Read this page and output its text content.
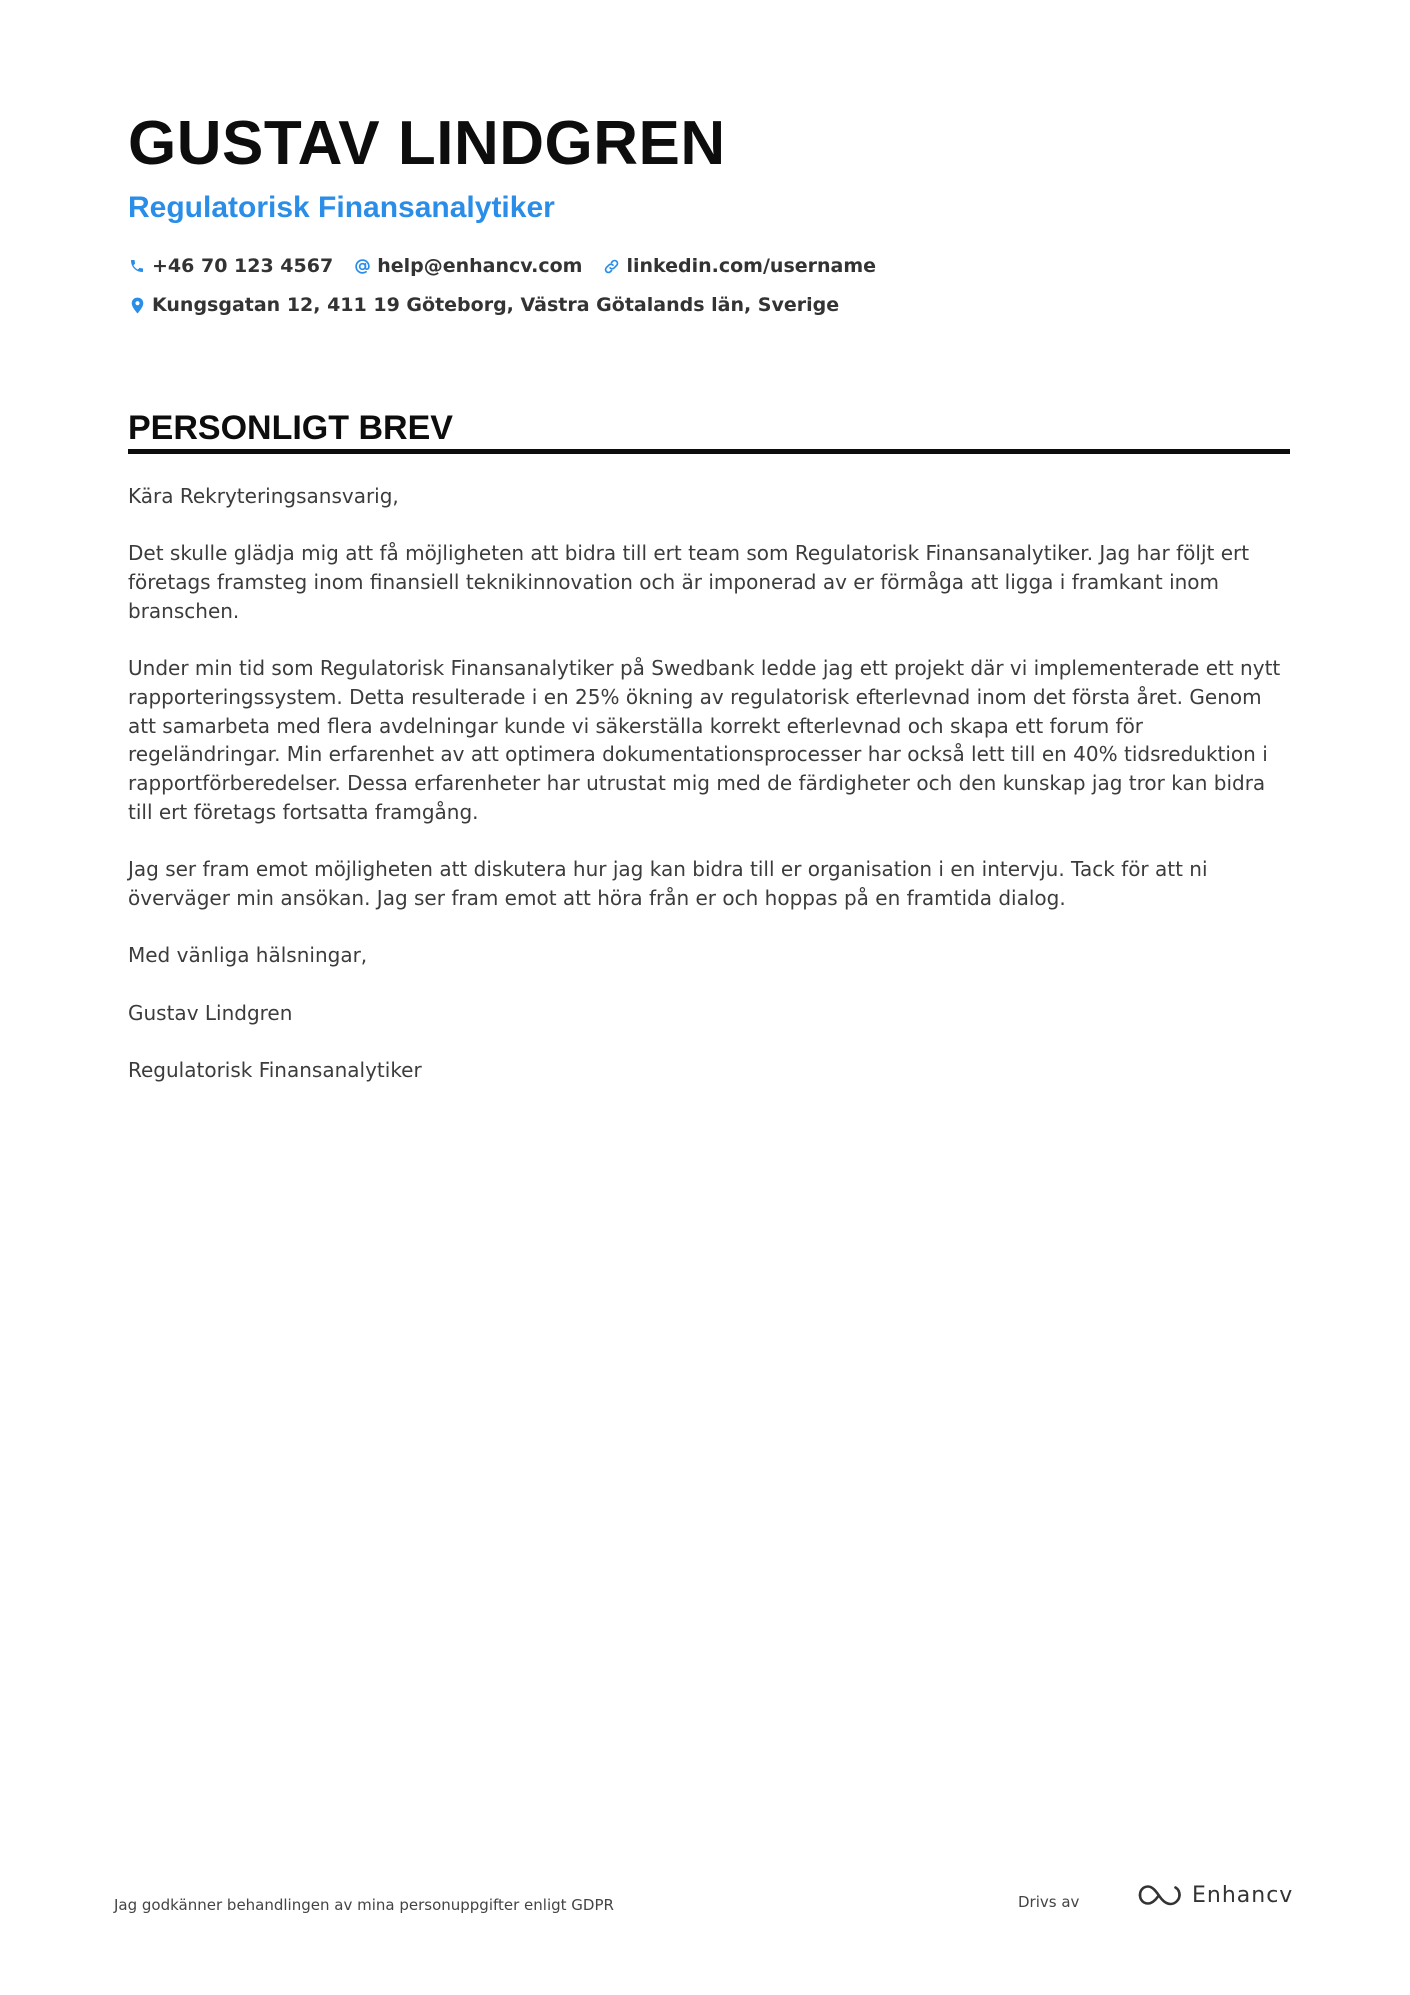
GUSTAV LINDGREN
Regulatorisk Finansanalytiker
+46 70 123 4567 help@enhancv.com linkedin.com/username
Kungsgatan 12, 411 19 Göteborg, Västra Götalands län, Sverige
PERSONLIGT BREV

Kära Rekryteringsansvarig,

Det skulle glädja mig att få möjligheten att bidra till ert team som Regulatorisk Finansanalytiker. Jag har följt ert företags framsteg inom finansiell teknikinnovation och är imponerad av er förmåga att ligga i framkant inom branschen.

Under min tid som Regulatorisk Finansanalytiker på Swedbank ledde jag ett projekt där vi implementerade ett nytt rapporteringssystem. Detta resulterade i en 25% ökning av regulatorisk efterlevnad inom det första året. Genom att samarbeta med flera avdelningar kunde vi säkerställa korrekt efterlevnad och skapa ett forum för regeländringar. Min erfarenhet av att optimera dokumentationsprocesser har också lett till en 40% tidsreduktion i rapportförberedelser. Dessa erfarenheter har utrustat mig med de färdigheter och den kunskap jag tror kan bidra till ert företags fortsatta framgång.

Jag ser fram emot möjligheten att diskutera hur jag kan bidra till er organisation i en intervju. Tack för att ni överväger min ansökan. Jag ser fram emot att höra från er och hoppas på en framtida dialog.

Med vänliga hälsningar,

Gustav Lindgren

Regulatorisk Finansanalytiker

Jag godkänner behandlingen av mina personuppgifter enligt GDPR	Drivs av	Enhancv
